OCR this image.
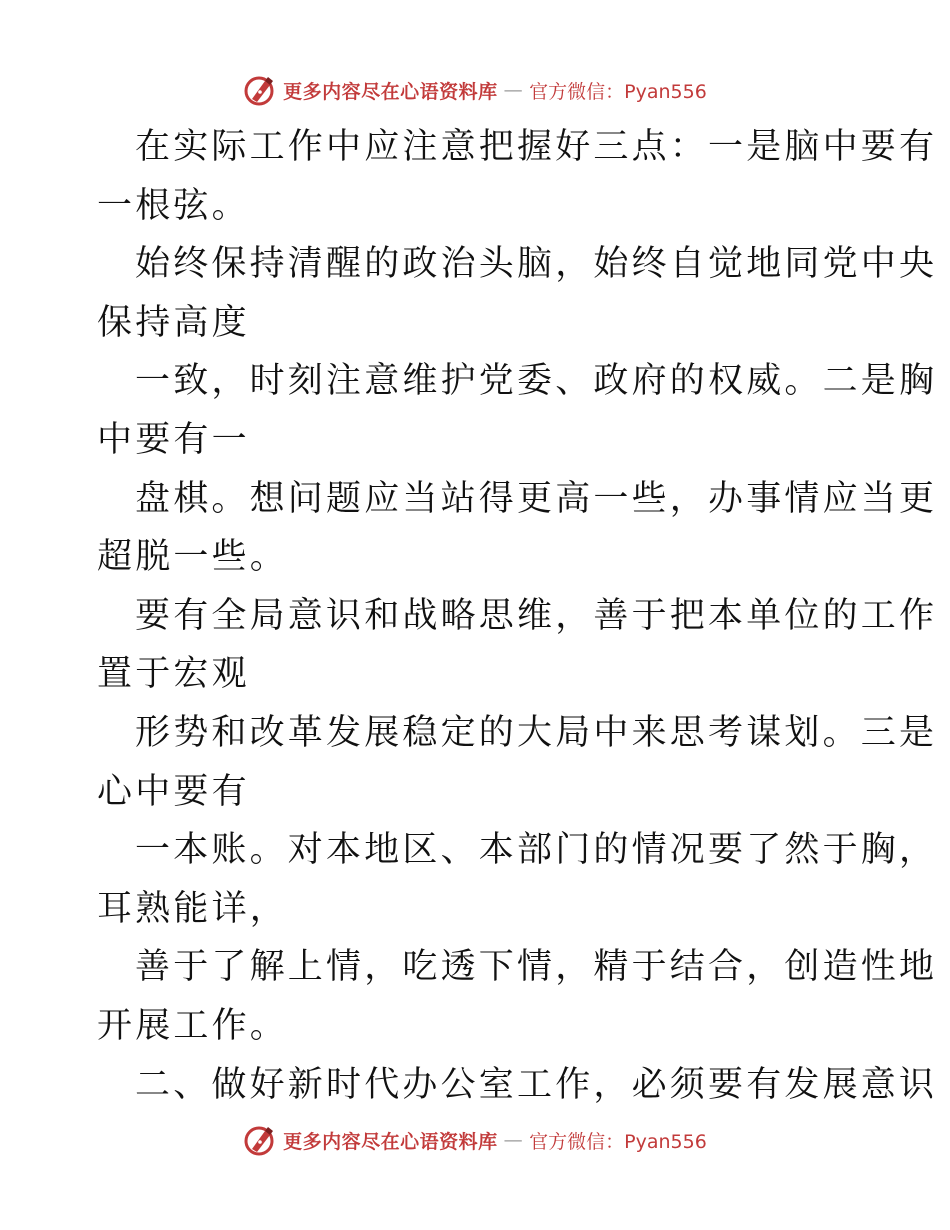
更多内容尽在心语资料库 — 官方微信：Pyan556
在实际工作中应注意把握好三点：一是脑中要有
一根弦。
始终保持清醒的政治头脑，始终自觉地同党中央
保持高度
一致，时刻注意维护党委、政府的权威。二是胸
中要有一
盘棋。想问题应当站得更高一些，办事情应当更
超脱一些。
要有全局意识和战略思维，善于把本单位的工作
置于宏观
形势和改革发展稳定的大局中来思考谋划。三是
心中要有
一本账。对本地区、本部门的情况要了然于胸，
耳熟能详，
善于了解上情，吃透下情，精于结合，创造性地
开展工作。
二、做好新时代办公室工作，必须要有发展意识
更多内容尽在心语资料库 — 官方微信：Pyan556
